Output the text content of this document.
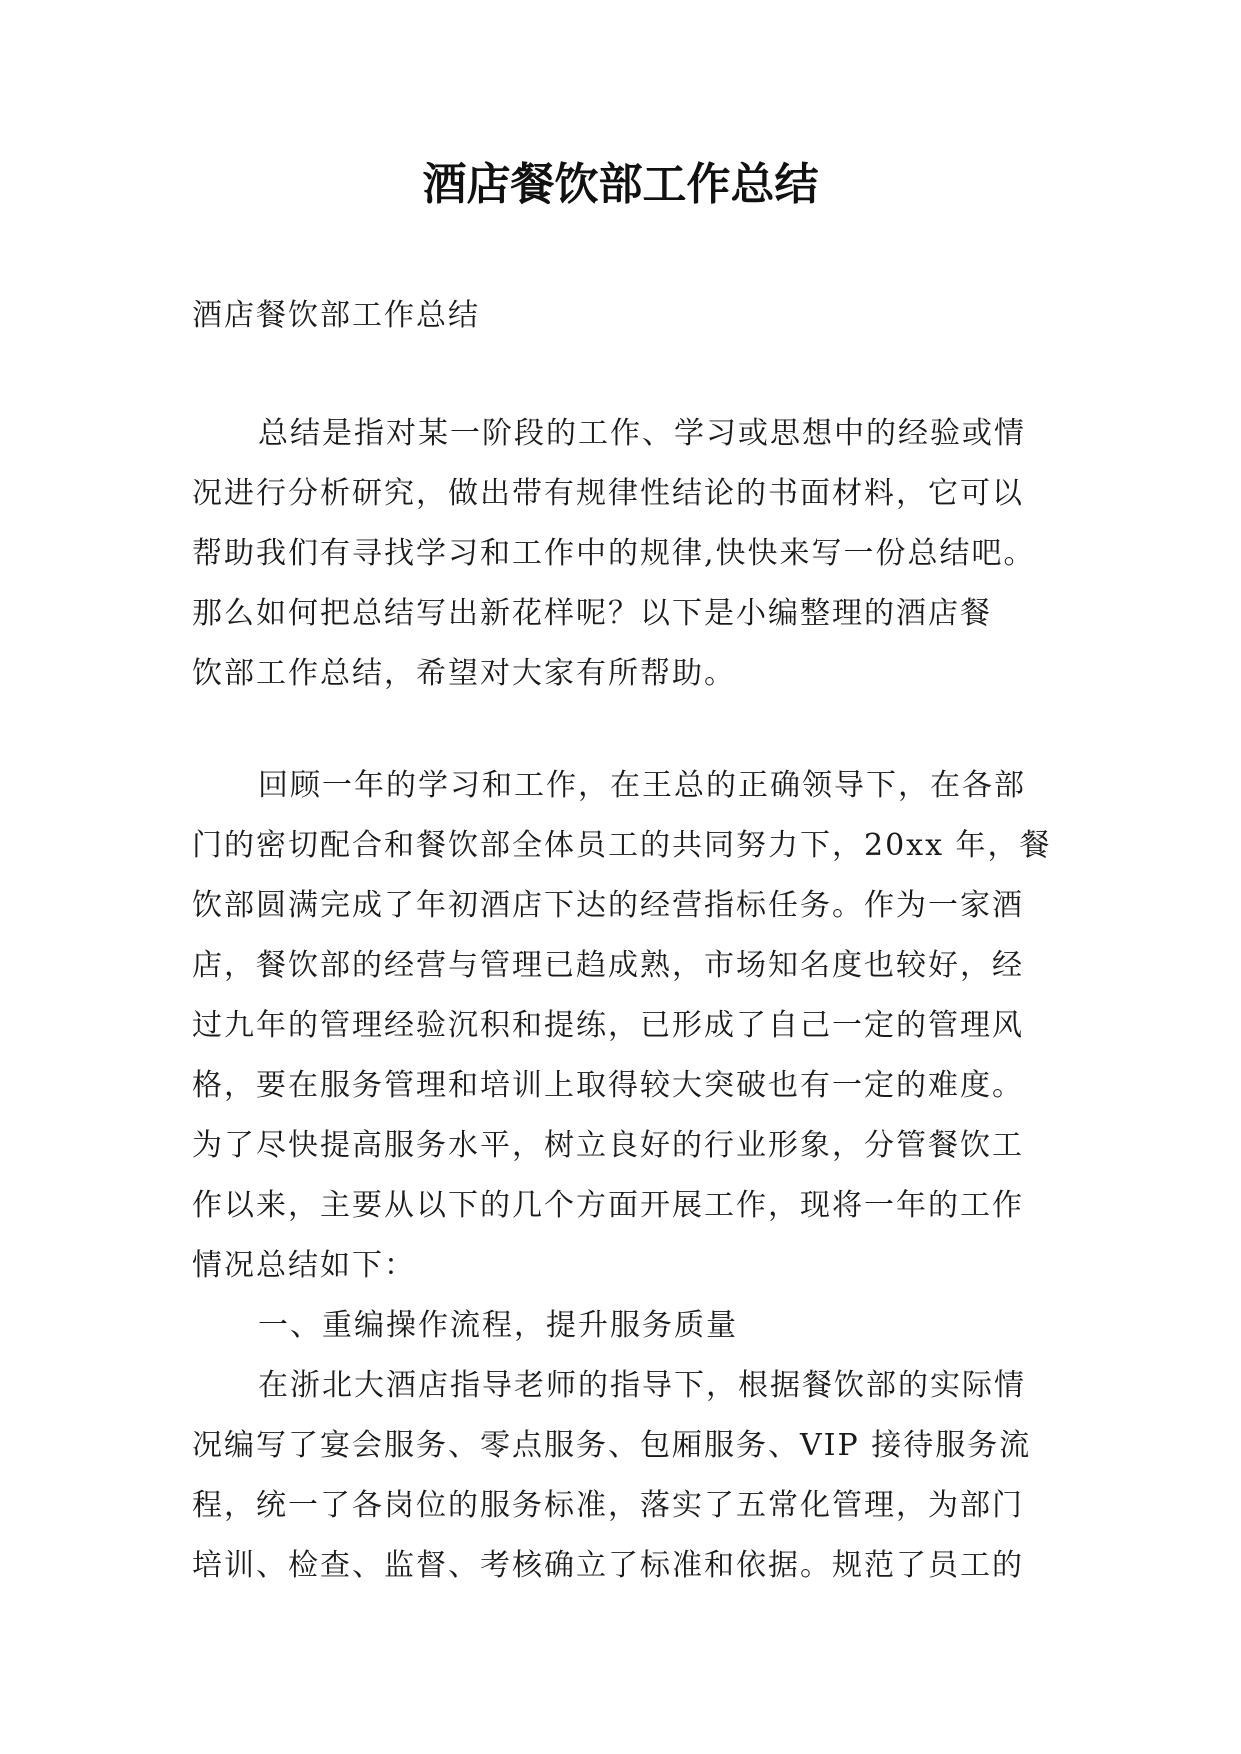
酒店餐饮部工作总结
酒店餐饮部工作总结
总结是指对某一阶段的工作、学习或思想中的经验或情
况进行分析研究，做出带有规律性结论的书面材料，它可以
帮助我们有寻找学习和工作中的规律,快快来写一份总结吧。
那么如何把总结写出新花样呢？以下是小编整理的酒店餐
饮部工作总结，希望对大家有所帮助。
回顾一年的学习和工作，在王总的正确领导下，在各部
门的密切配合和餐饮部全体员工的共同努力下，20xx 年，餐
饮部圆满完成了年初酒店下达的经营指标任务。作为一家酒
店，餐饮部的经营与管理已趋成熟，市场知名度也较好，经
过九年的管理经验沉积和提练，已形成了自己一定的管理风
格，要在服务管理和培训上取得较大突破也有一定的难度。
为了尽快提高服务水平，树立良好的行业形象，分管餐饮工
作以来，主要从以下的几个方面开展工作，现将一年的工作
情况总结如下：
一、重编操作流程，提升服务质量
在浙北大酒店指导老师的指导下，根据餐饮部的实际情
况编写了宴会服务、零点服务、包厢服务、VIP 接待服务流
程，统一了各岗位的服务标准，落实了五常化管理，为部门
培训、检查、监督、考核确立了标准和依据。规范了员工的
